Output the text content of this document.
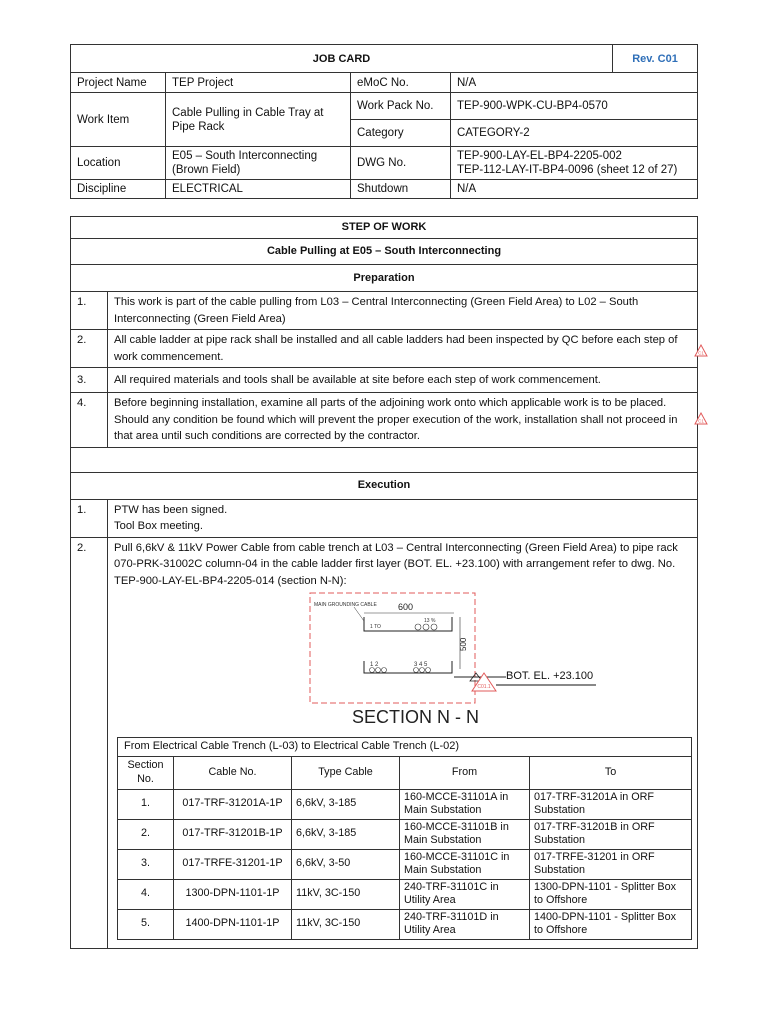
JOB CARD				Rev. C01
Project Name	TEP Project	eMoC No.	N/A	
Work Item	Cable Pulling in Cable Tray at Pipe Rack	Work Pack No.	TEP-900-WPK-CU-BP4-0570	
		Category	CATEGORY-2	
Location	E05 – South Interconnecting (Brown Field)	DWG No.	TEP-900-LAY-EL-BP4-2205-002
TEP-112-LAY-IT-BP4-0096 (sheet 12 of 27)	

Discipline	ELECTRICAL	Shutdown	N/A	
STEP OF WORK
Cable Pulling at E05 – South Interconnecting
Preparation
1.	This work is part of the cable pulling from L03 – Central Interconnecting (Green Field Area) to L02 – South Interconnecting (Green Field Area)
2.	All cable ladder at pipe rack shall be installed and all cable ladders had been inspected by QC before each step of work commencement.
3.	All required materials and tools shall be available at site before each step of work commencement.
4.	Before beginning installation, examine all parts of the adjoining work onto which applicable work is to be placed. Should any condition be found which will prevent the proper execution of the work, installation shall not proceed in that area until such conditions are corrected by the contractor.

Execution
1.	PTW has been signed.
Tool Box meeting.

2.	Pull 6,6kV & 11kV Power Cable from cable trench at L03 – Central Interconnecting (Green Field Area) to pipe rack 070-PRK-31002C column-04 in the cable ladder first layer (BOT. EL. +23.100) with arrangement refer to dwg. No. TEP-900-LAY-EL-BP4-2205-014 (section N-N):
MAIN GROUNDING CABLE 600
1 TO
13 %
500
1 2	3 4 5
SECTION N - N
C01.1
BOT. EL. +23.100
From Electrical Cable Trench (L-03) to Electrical Cable Trench (L-02)
Section No.	Cable No.	Type Cable	From	To
1.	017-TRF-31201A-1P	6,6kV, 3-185	160-MCCE-31101A in Main Substation	017-TRF-31201A in ORF Substation
2.	017-TRF-31201B-1P	6,6kV, 3-185	160-MCCE-31101B in Main Substation	017-TRF-31201B in ORF Substation
3.	017-TRFE-31201-1P	6,6kV, 3-50	160-MCCE-31101C in Main Substation	017-TRFE-31201 in ORF Substation
4.	1300-DPN-1101-1P	11kV, 3C-150	240-TRF-31101C in Utility Area	1300-DPN-1101 - Splitter Box to Offshore
5.	1400-DPN-1101-1P	11kV, 3C-150	240-TRF-31101D in Utility Area	1400-DPN-1101 - Splitter Box to Offshore
C1
C1
